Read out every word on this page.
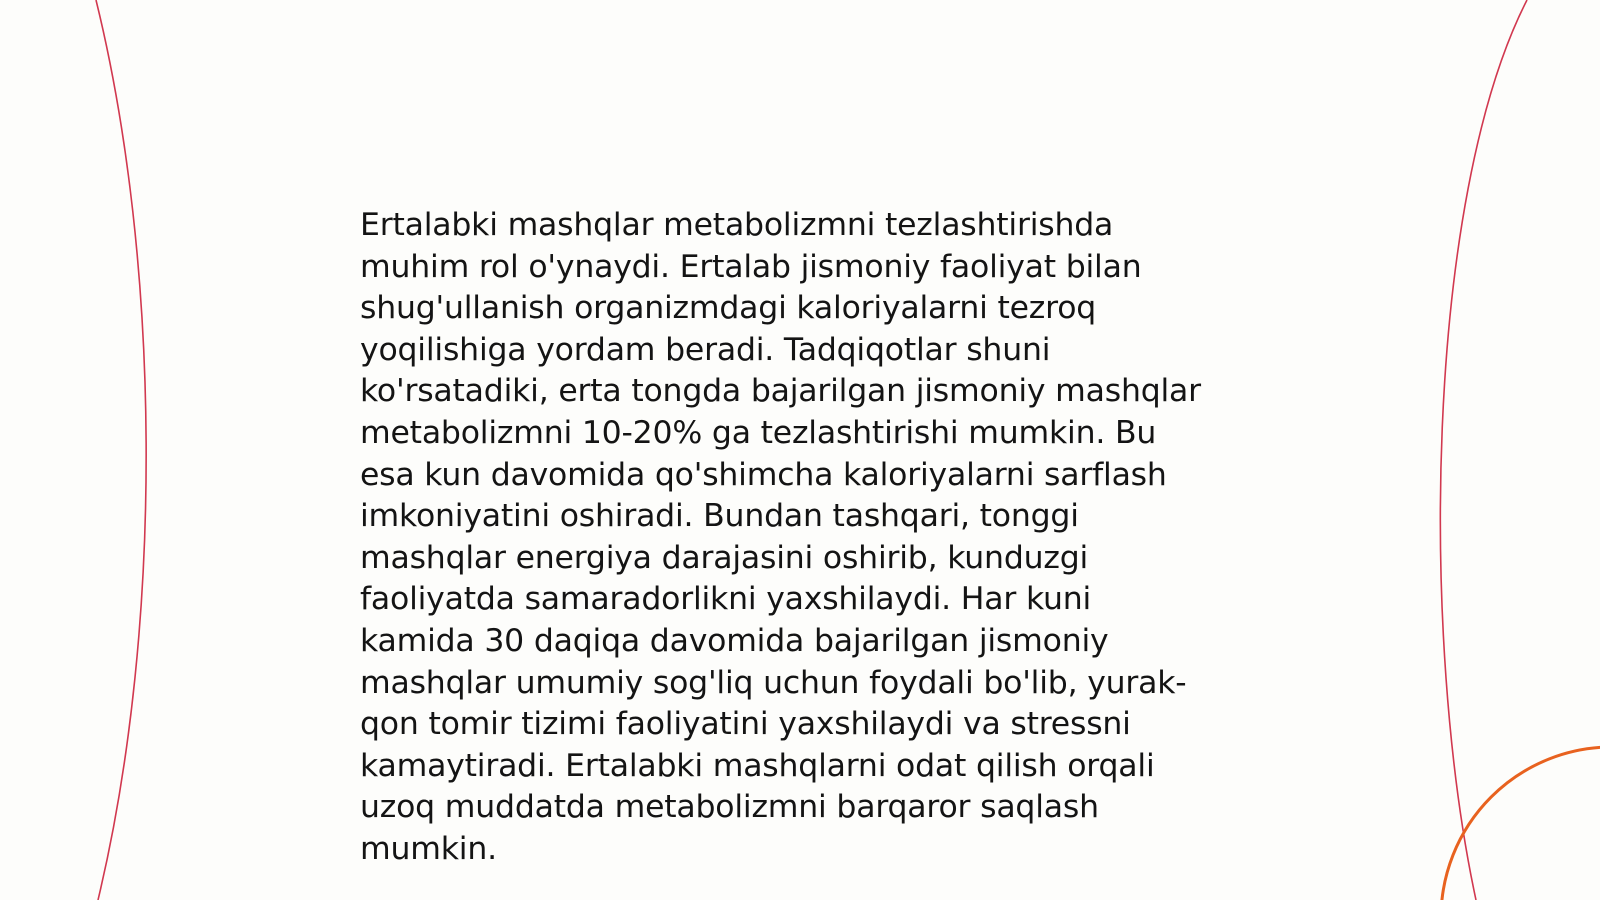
Ertalabki mashqlar metabolizmni tezlashtirishda
muhim rol o'ynaydi. Ertalab jismoniy faoliyat bilan
shug'ullanish organizmdagi kaloriyalarni tezroq
yoqilishiga yordam beradi. Tadqiqotlar shuni
ko'rsatadiki, erta tongda bajarilgan jismoniy mashqlar
metabolizmni 10-20% ga tezlashtirishi mumkin. Bu
esa kun davomida qo'shimcha kaloriyalarni sarflash
imkoniyatini oshiradi. Bundan tashqari, tonggi
mashqlar energiya darajasini oshirib, kunduzgi
faoliyatda samaradorlikni yaxshilaydi. Har kuni
kamida 30 daqiqa davomida bajarilgan jismoniy
mashqlar umumiy sog'liq uchun foydali bo'lib, yurak-
qon tomir tizimi faoliyatini yaxshilaydi va stressni
kamaytiradi. Ertalabki mashqlarni odat qilish orqali
uzoq muddatda metabolizmni barqaror saqlash
mumkin.
